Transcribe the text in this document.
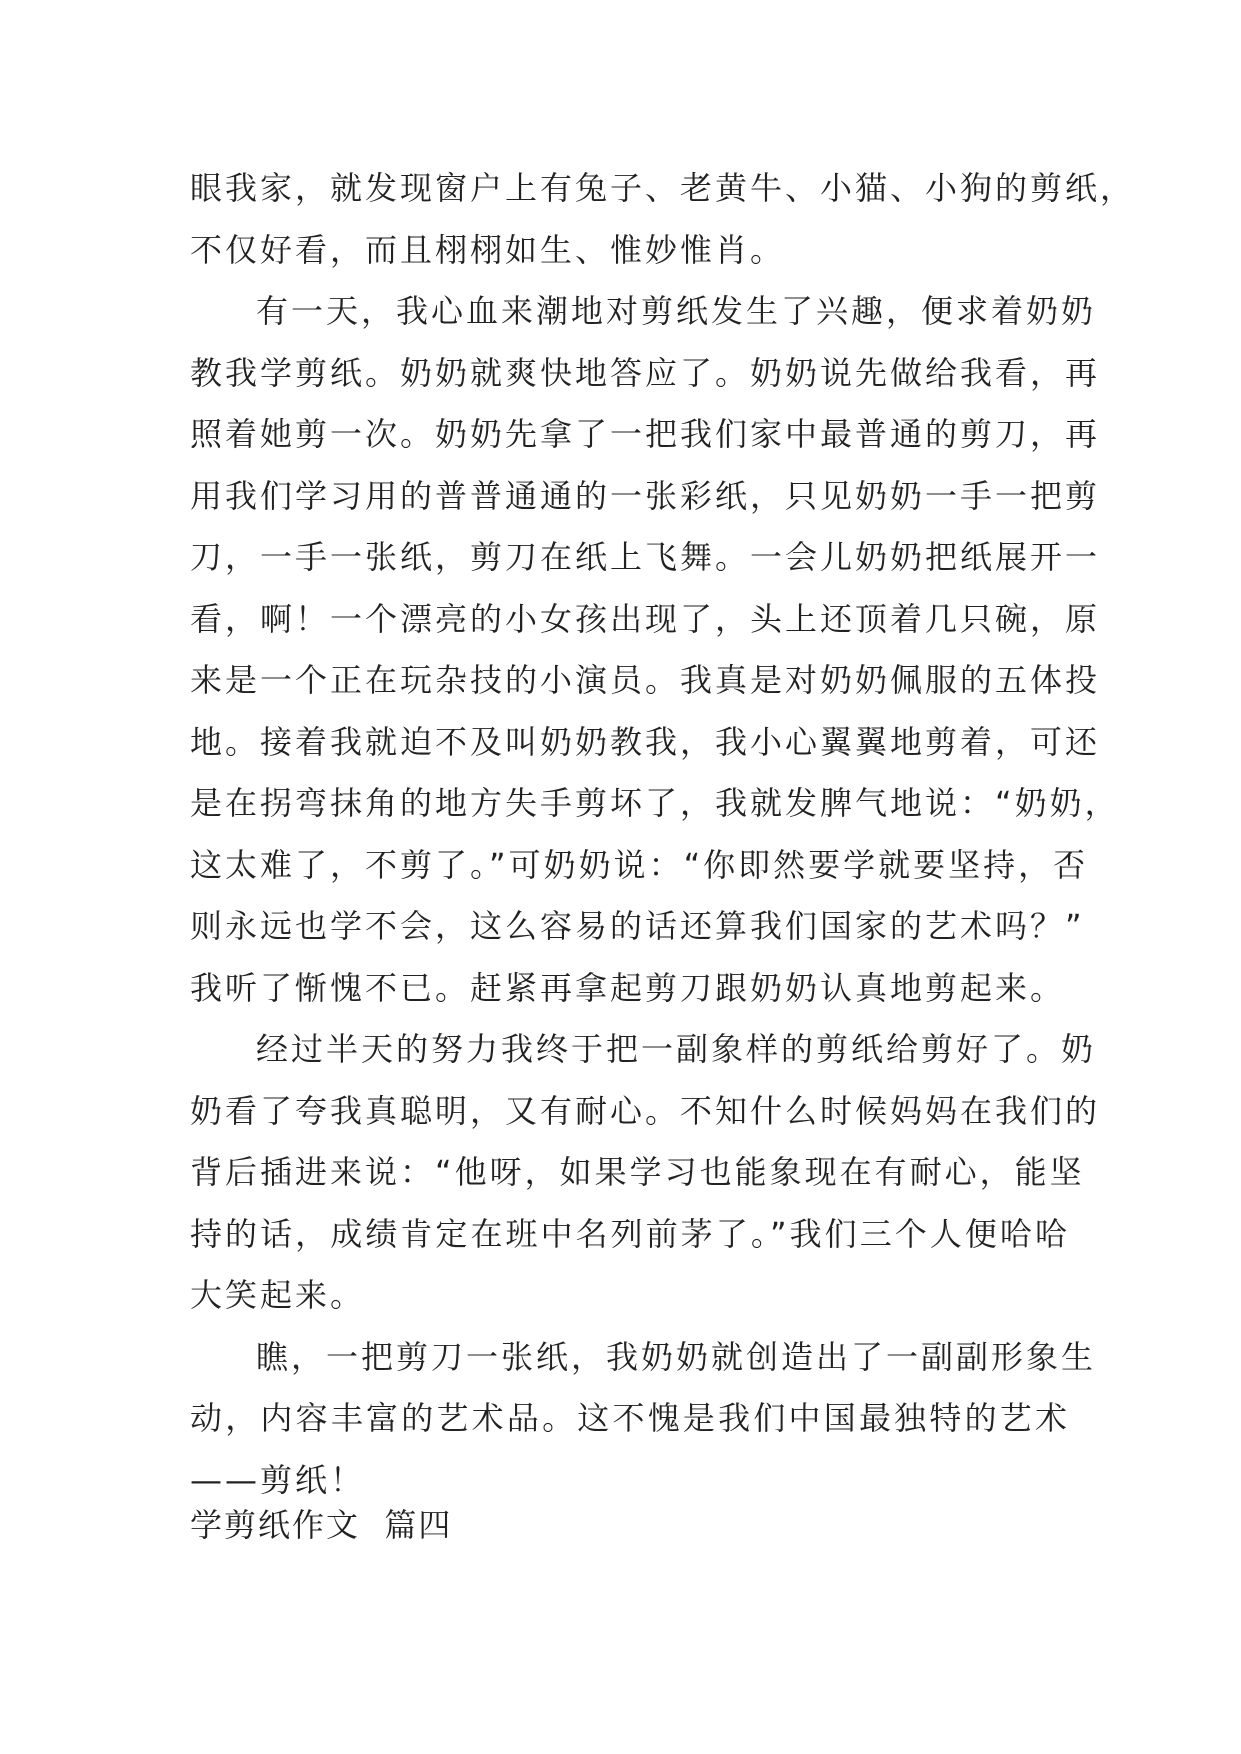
眼我家，就发现窗户上有兔子、老黄牛、小猫、小狗的剪纸，
不仅好看，而且栩栩如生、惟妙惟肖。
有一天，我心血来潮地对剪纸发生了兴趣，便求着奶奶
教我学剪纸。奶奶就爽快地答应了。奶奶说先做给我看，再
照着她剪一次。奶奶先拿了一把我们家中最普通的剪刀，再
用我们学习用的普普通通的一张彩纸，只见奶奶一手一把剪
刀，一手一张纸，剪刀在纸上飞舞。一会儿奶奶把纸展开一
看，啊！一个漂亮的小女孩出现了，头上还顶着几只碗，原
来是一个正在玩杂技的小演员。我真是对奶奶佩服的五体投
地。接着我就迫不及叫奶奶教我，我小心翼翼地剪着，可还
是在拐弯抹角的地方失手剪坏了，我就发脾气地说：“奶奶，
这太难了，不剪了。”可奶奶说：“你即然要学就要坚持，否
则永远也学不会，这么容易的话还算我们国家的艺术吗？”
我听了惭愧不已。赶紧再拿起剪刀跟奶奶认真地剪起来。
经过半天的努力我终于把一副象样的剪纸给剪好了。奶
奶看了夸我真聪明，又有耐心。不知什么时候妈妈在我们的
背后插进来说：“他呀，如果学习也能象现在有耐心，能坚
持的话，成绩肯定在班中名列前茅了。”我们三个人便哈哈
大笑起来。
瞧，一把剪刀一张纸，我奶奶就创造出了一副副形象生
动，内容丰富的艺术品。这不愧是我们中国最独特的艺术
——剪纸！
学剪纸作文  篇四
